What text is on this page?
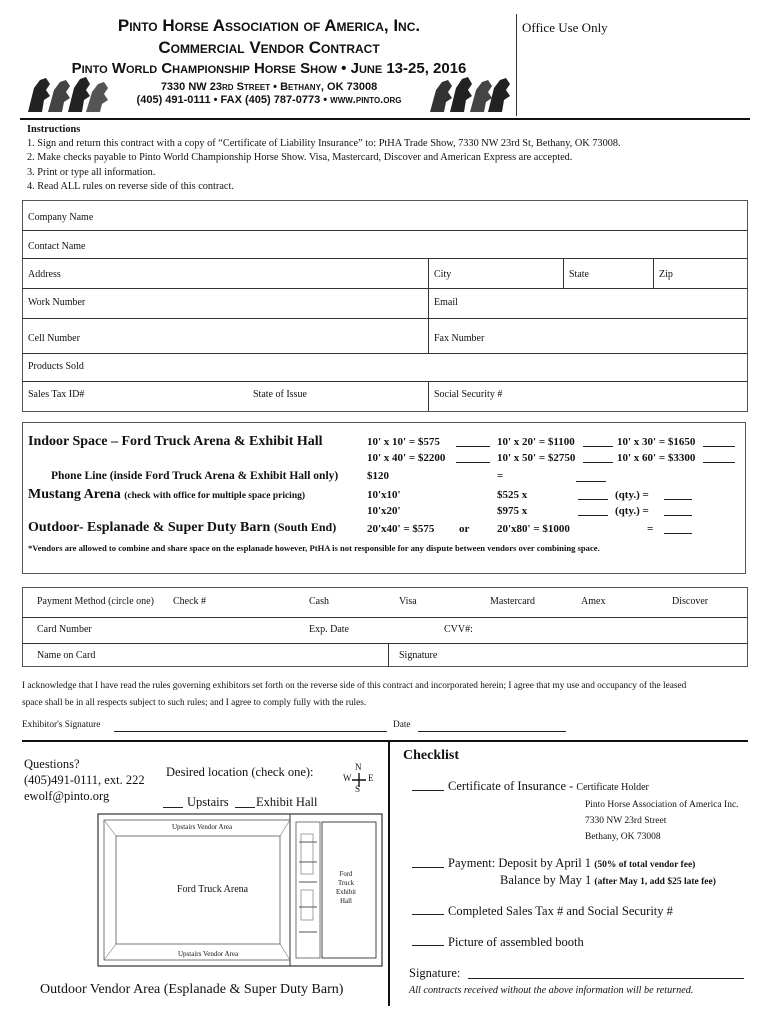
Pinto Horse Association of America, Inc.
Commercial Vendor Contract
Pinto World Championship Horse Show • June 13-25, 2016
7330 NW 23rd Street • Bethany, OK 73008
(405) 491-0111 • FAX (405) 787-0773 • www.pinto.org
Office Use Only
Instructions
1. Sign and return this contract with a copy of “Certificate of Liability Insurance” to: PtHA Trade Show, 7330 NW 23rd St, Bethany, OK 73008.
2. Make checks payable to Pinto World Championship Horse Show. Visa, Mastercard, Discover and American Express are accepted.
3. Print or type all information.
4. Read ALL rules on reverse side of this contract.
Company Name
Contact Name
Address	City	State	Zip
Work Number	Email
Cell Number	Fax Number
Products Sold
Sales Tax ID#	State of Issue	Social Security #
Indoor Space – Ford Truck Arena & Exhibit Hall	10' x 10' = $575	10' x 20' = $1100	10' x 30' = $1650
10' x 40' = $2200	10' x 50' = $2750	10' x 60' = $3300
Phone Line (inside Ford Truck Arena & Exhibit Hall only)	$120	=
Mustang Arena (check with office for multiple space pricing)	10'x10'	$525 x	(qty.) =
10'x20'	$975 x	(qty.) =
Outdoor- Esplanade & Super Duty Barn (South End)	20'x40' = $575 or	20'x80' = $1000	=
*Vendors are allowed to combine and share space on the esplanade however, PtHA is not responsible for any dispute between vendors over combining space.
Payment Method (circle one) Check #	Cash	Visa	Mastercard	Amex	Discover
Card Number	Exp. Date	CVV#:
Name on Card	Signature
I acknowledge that I have read the rules governing exhibitors set forth on the reverse side of this contract and incorporated herein; I agree that my use and occupancy of the leased
space shall be in all respects subject to such rules; and I agree to comply fully with the rules.
Exhibitor's Signature	Date
Questions?
(405)491-0111, ext. 222
ewolf@pinto.org
Desired location (check one):	N
W E
S
Upstairs Exhibit Hall
Upstairs Vendor Area
Ford Truck Arena
Ford
Truck
Exhibit
Hall
Upstairs Vendor Area
Outdoor Vendor Area (Esplanade & Super Duty Barn)
Checklist
Certificate of Insurance - Certificate Holder
Pinto Horse Association of America Inc.
7330 NW 23rd Street
Bethany, OK 73008
Payment: Deposit by April 1 (50% of total vendor fee)
Balance by May 1 (after May 1, add $25 late fee)
Completed Sales Tax # and Social Security #
Picture of assembled booth
Signature:
All contracts received without the above information will be returned.
